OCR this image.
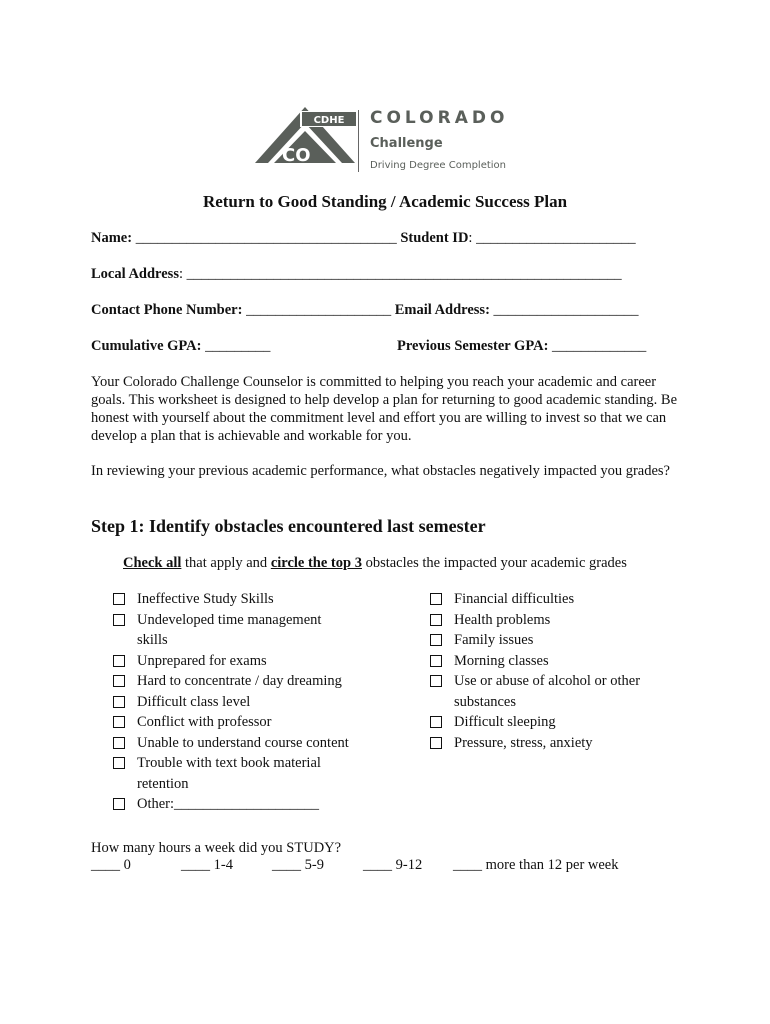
CDHE
CO
COLORADO
Challenge
Driving Degree Completion
Return to Good Standing / Academic Success Plan
Name: ____________________________________ Student ID: ______________________
Local Address: ____________________________________________________________
Contact Phone Number: ____________________ Email Address: ____________________
Cumulative GPA: _________	Previous Semester GPA: _____________
Your Colorado Challenge Counselor is committed to helping you reach your academic and career goals. This worksheet is designed to help develop a plan for returning to good academic standing. Be honest with yourself about the commitment level and effort you are willing to invest so that we can develop a plan that is achievable and workable for you.
In reviewing your previous academic performance, what obstacles negatively impacted you grades?
Step 1: Identify obstacles encountered last semester
Check all that apply and circle the top 3 obstacles the impacted your academic grades
Ineffective Study Skills
Undeveloped time management
skills
Unprepared for exams
Hard to concentrate / day dreaming
Difficult class level
Conflict with professor
Unable to understand course content
Trouble with text book material
retention
Other:____________________
Financial difficulties
Health problems
Family issues
Morning classes
Use or abuse of alcohol or other
substances
Difficult sleeping
Pressure, stress, anxiety
How many hours a week did you STUDY?
____ 0	____ 1-4	____ 5-9	____ 9-12 ____ more than 12 per week
